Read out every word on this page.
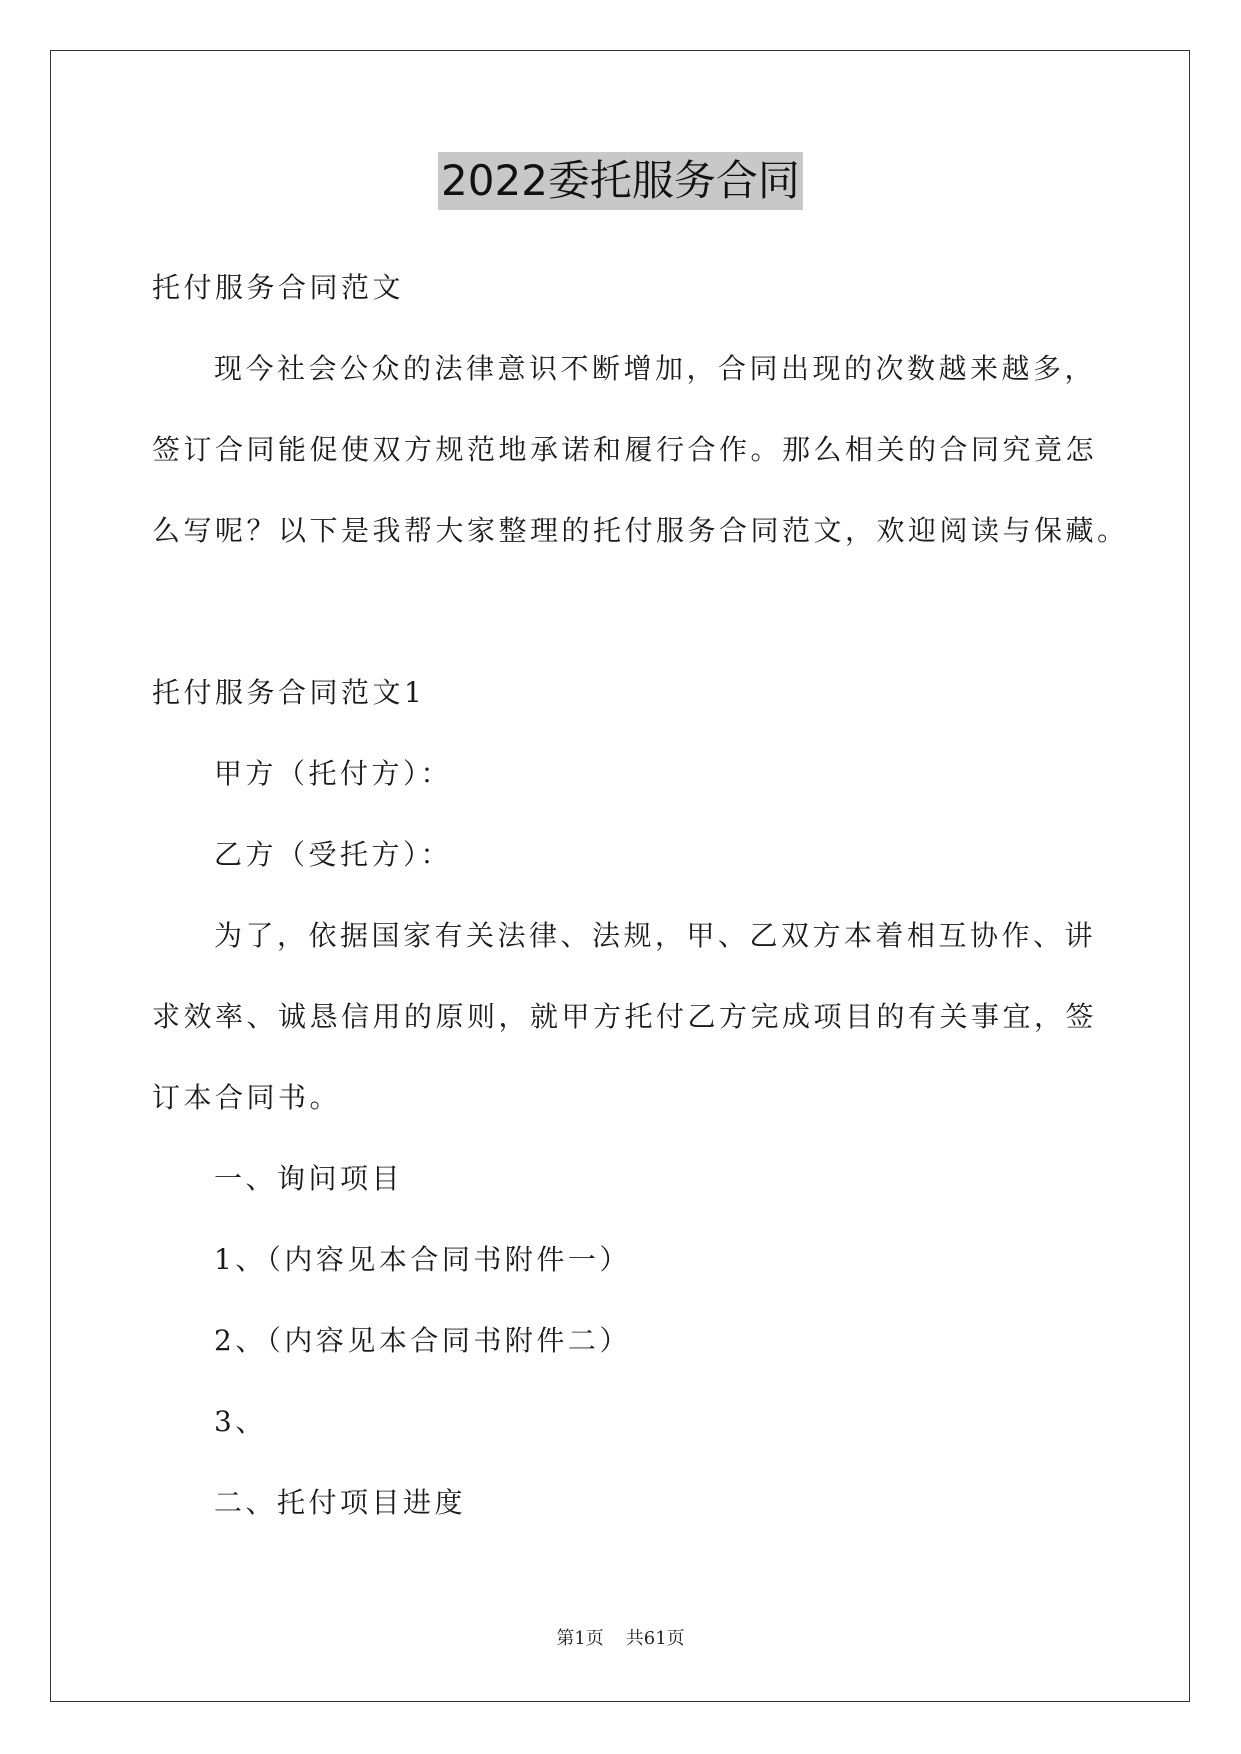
2022委托服务合同
托付服务合同范文
现今社会公众的法律意识不断增加，合同出现的次数越来越多，
签订合同能促使双方规范地承诺和履行合作。那么相关的合同究竟怎
么写呢？以下是我帮大家整理的托付服务合同范文，欢迎阅读与保藏。
托付服务合同范文1
甲方（托付方）：
乙方（受托方）：
为了，依据国家有关法律、法规，甲、乙双方本着相互协作、讲
求效率、诚恳信用的原则，就甲方托付乙方完成项目的有关事宜，签
订本合同书。
一、询问项目
1、（内容见本合同书附件一）
2、（内容见本合同书附件二）
3、
二、托付项目进度
第1页 共61页
